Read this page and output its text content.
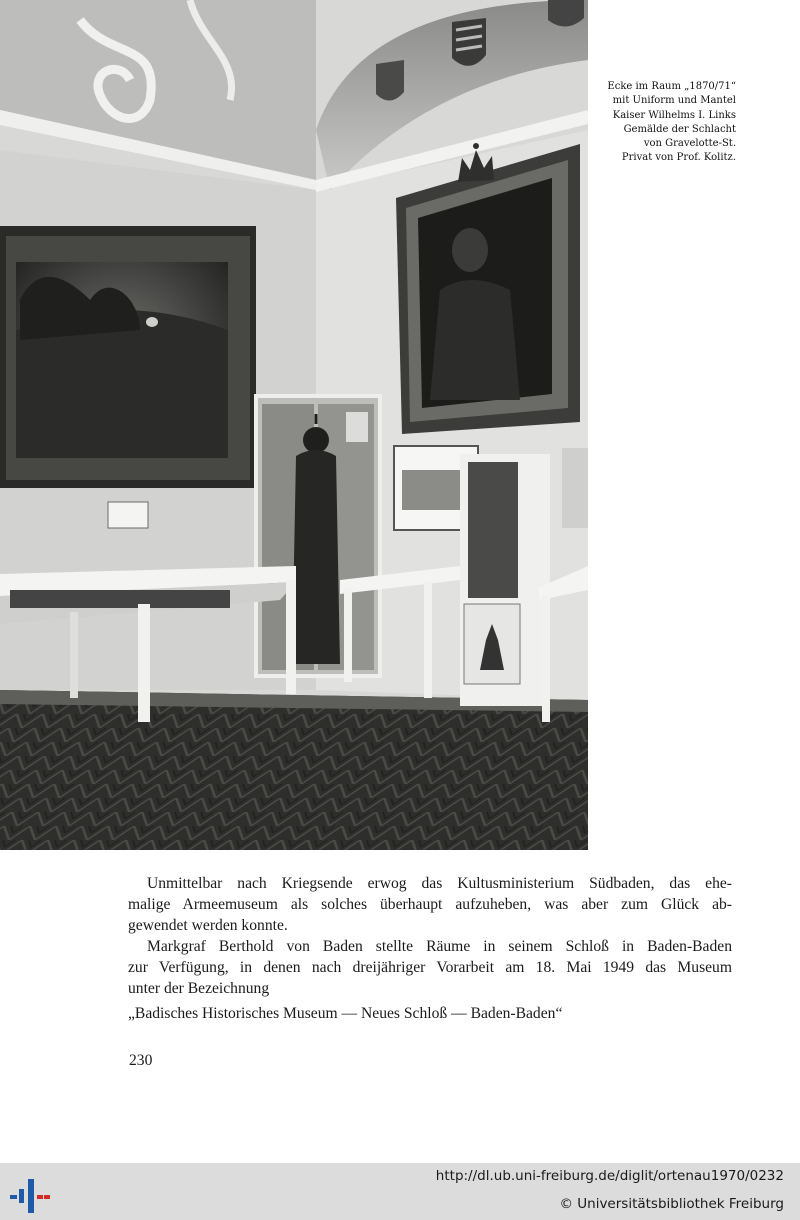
Ecke im Raum „1870/71“
mit Uniform und Mantel
Kaiser Wilhelms I. Links
Gemälde der Schlacht
von Gravelotte-St.
Privat von Prof. Kolitz.
Unmittelbar nach Kriegsende erwog das Kultusministerium Südbaden, das ehe-
malige Armeemuseum als solches überhaupt aufzuheben, was aber zum Glück ab-
gewendet werden konnte.
Markgraf Berthold von Baden stellte Räume in seinem Schloß in Baden-Baden
zur Verfügung, in denen nach dreijähriger Vorarbeit am 18. Mai 1949 das Museum
unter der Bezeichnung
„Badisches Historisches Museum — Neues Schloß — Baden-Baden“
230
http://dl.ub.uni-freiburg.de/diglit/ortenau1970/0232
© Universitätsbibliothek Freiburg
